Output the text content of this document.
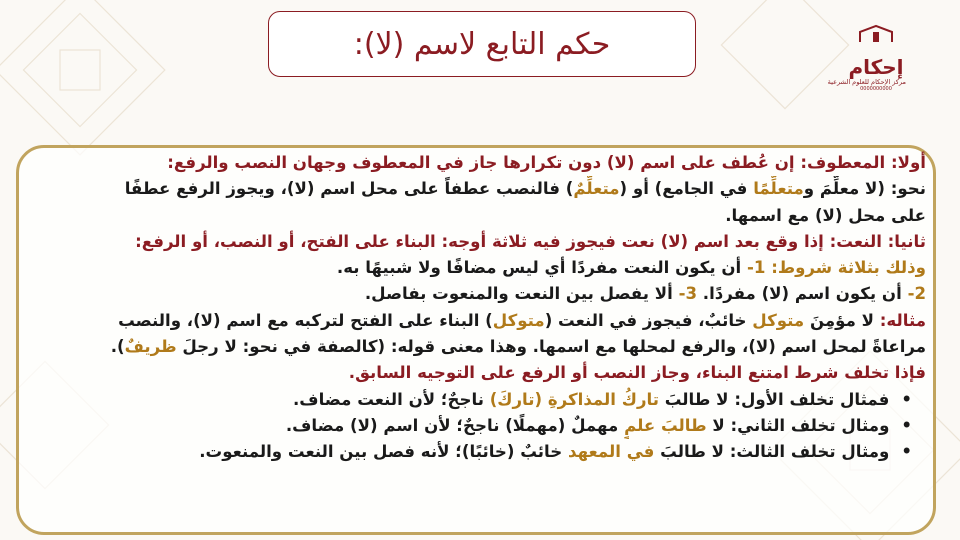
حكم التابع لاسم (لا):
إحكام
مركز الإحكام للعلوم الشرعية
0000000000
أولا: المعطوف: إن عُطف على اسم (لا) دون تكرارها جاز في المعطوف وجهان النصب والرفع:
نحو: (لا معلِّمَ ومتعلِّمًا في الجامع) أو (متعلِّمٌ) فالنصب عطفاً على محل اسم (لا)، ويجوز الرفع عطفًا
على محل (لا) مع اسمها.
ثانيا: النعت: إذا وقع بعد اسم (لا) نعت فيجوز فيه ثلاثة أوجه: البناء على الفتح، أو النصب، أو الرفع:
وذلك بثلاثة شروط: 1- أن يكون النعت مفردًا أي ليس مضافًا ولا شبيهًا به.
2- أن يكون اسم (لا) مفردًا. 3- ألا يفصل بين النعت والمنعوت بفاصل.
مثاله: لا مؤمِنَ متوكل خائبٌ، فيجوز في النعت (متوكل) البناء على الفتح لتركبه مع اسم (لا)، والنصب
مراعاةً لمحل اسم (لا)، والرفع لمحلها مع اسمها. وهذا معنى قوله: (كالصفة في نحو: لا رجلَ ظريفٌ).
فإذا تخلف شرط امتنع البناء، وجاز النصب أو الرفع على التوجيه السابق.
• فمثال تخلف الأول: لا طالبَ تاركُ المذاكرةِ (تاركَ) ناجحٌ؛ لأن النعت مضاف.
• ومثال تخلف الثاني: لا طالبَ علمٍ مهملٌ (مهملًا) ناجحٌ؛ لأن اسم (لا) مضاف.
• ومثال تخلف الثالث: لا طالبَ في المعهد خائبٌ (خائبًا)؛ لأنه فصل بين النعت والمنعوت.
